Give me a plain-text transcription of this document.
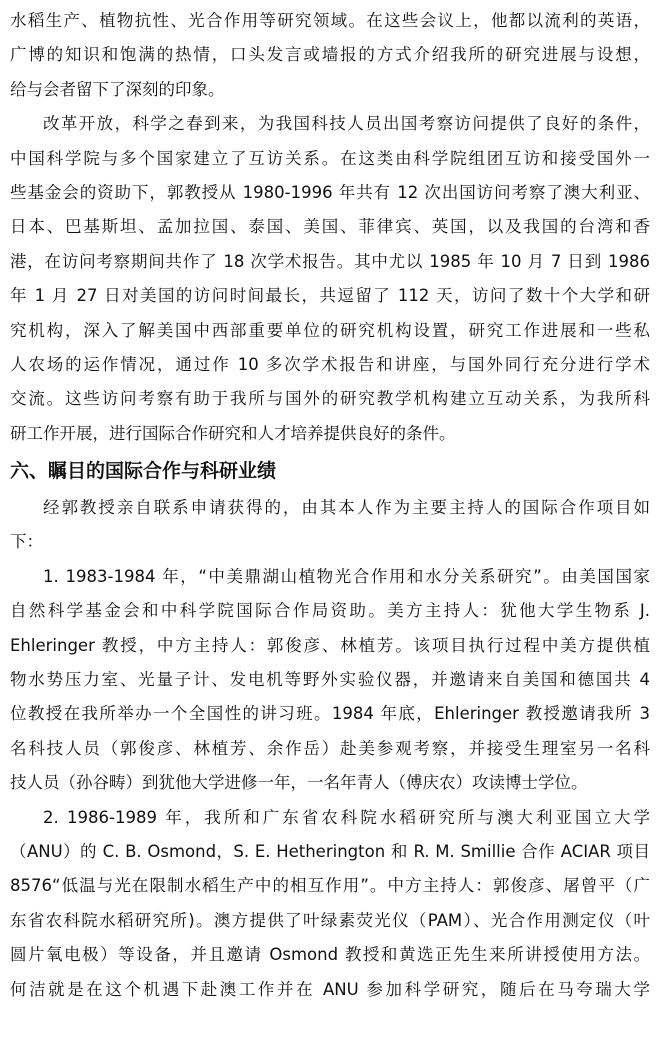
水稻生产、植物抗性、光合作用等研究领域。在这些会议上，他都以流利的英语，
广博的知识和饱满的热情，口头发言或墙报的方式介绍我所的研究进展与设想，
给与会者留下了深刻的印象。
改革开放，科学之春到来，为我国科技人员出国考察访问提供了良好的条件，
中国科学院与多个国家建立了互访关系。在这类由科学院组团互访和接受国外一
些基金会的资助下，郭教授从 1980-1996 年共有 12 次出国访问考察了澳大利亚、
日本、巴基斯坦、孟加拉国、泰国、美国、菲律宾、英国，以及我国的台湾和香
港，在访问考察期间共作了 18 次学术报告。其中尤以 1985 年 10 月 7 日到 1986
年 1 月 27 日对美国的访问时间最长，共逗留了 112 天，访问了数十个大学和研
究机构，深入了解美国中西部重要单位的研究机构设置，研究工作进展和一些私
人农场的运作情况，通过作 10 多次学术报告和讲座，与国外同行充分进行学术
交流。这些访问考察有助于我所与国外的研究教学机构建立互动关系，为我所科
研工作开展，进行国际合作研究和人才培养提供良好的条件。
六、瞩目的国际合作与科研业绩
经郭教授亲自联系申请获得的，由其本人作为主要主持人的国际合作项目如
下：
1. 1983-1984 年，“中美鼎湖山植物光合作用和水分关系研究”。由美国国家
自然科学基金会和中科学院国际合作局资助。美方主持人：犹他大学生物系 J.
Ehleringer 教授，中方主持人：郭俊彦、林植芳。该项目执行过程中美方提供植
物水势压力室、光量子计、发电机等野外实验仪器，并邀请来自美国和德国共 4
位教授在我所举办一个全国性的讲习班。1984 年底，Ehleringer 教授邀请我所 3
名科技人员（郭俊彦、林植芳、余作岳）赴美参观考察，并接受生理室另一名科
技人员（孙谷畴）到犹他大学进修一年，一名年青人（傅庆农）攻读博士学位。
2. 1986-1989 年，我所和广东省农科院水稻研究所与澳大利亚国立大学
（ANU）的 C. B. Osmond，S. E. Hetherington 和 R. M. Smillie 合作 ACIAR 项目
8576“低温与光在限制水稻生产中的相互作用”。中方主持人：郭俊彦、屠曾平（广
东省农科院水稻研究所)。澳方提供了叶绿素荧光仪（PAM）、光合作用测定仪（叶
圆片氧电极）等设备，并且邀请 Osmond 教授和黄选正先生来所讲授使用方法。
何洁就是在这个机遇下赴澳工作并在 ANU 参加科学研究，随后在马夸瑞大学
